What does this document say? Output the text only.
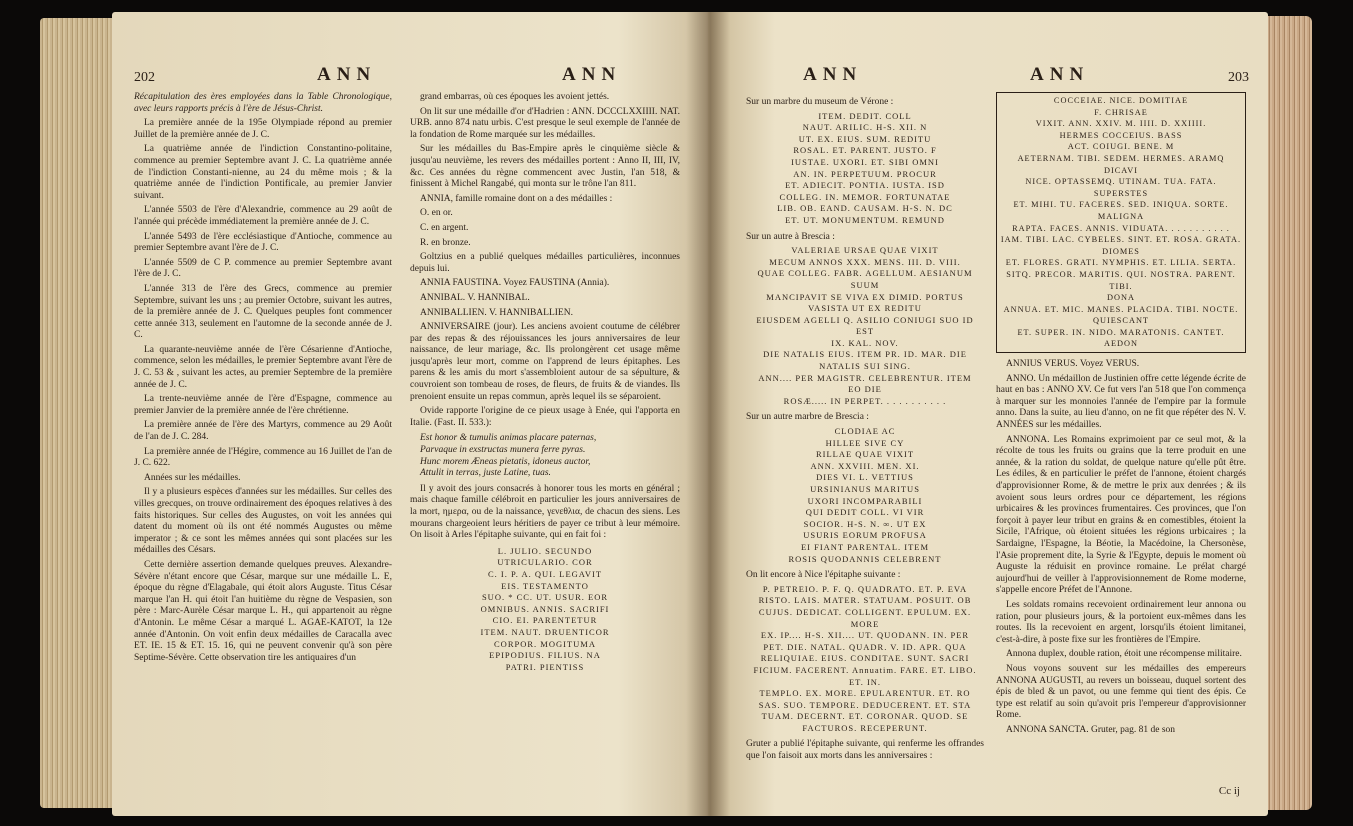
202	ANN	ANN

Récapitulation des ères employées dans la Table Chronologique, avec leurs rapports précis à l'ère de Jésus-Christ.

La première année de la 195e Olympiade répond au premier Juillet de la première année de J. C.

La quatrième année de l'indiction Constantino-politaine, commence au premier Septembre avant J. C. La quatrième année de l'indiction Constanti-nienne, au 24 du même mois ; & la quatrième année de l'indiction Pontificale, au premier Janvier suivant.

L'année 5503 de l'ère d'Alexandrie, commence au 29 août de l'année qui précède immédiatement la première année de J. C.

L'année 5493 de l'ère ecclésiastique d'Antioche, commence au premier Septembre avant l'ère de J. C.

L'année 5509 de C P. commence au premier Septembre avant l'ère de J. C.

L'année 313 de l'ère des Grecs, commence au premier Septembre, suivant les uns ; au premier Octobre, suivant les autres, de la première année de J. C. Quelques peuples font commencer cette année 313, seulement en l'automne de la seconde année de J. C.

La quarante-neuvième année de l'ère Césarienne d'Antioche, commence, selon les médailles, le premier Septembre avant l'ère de J. C. 53 & , suivant les actes, au premier Septembre de la première année de J. C.

La trente-neuvième année de l'ère d'Espagne, commence au premier Janvier de la première année de l'ère chrétienne.

La première année de l'ère des Martyrs, commence au 29 Août de l'an de J. C. 284.

La première année de l'Hégire, commence au 16 Juillet de l'an de J. C. 622.

Années sur les médailles.

Il y a plusieurs espèces d'années sur les médailles. Sur celles des villes grecques, on trouve ordinairement des époques relatives à des faits historiques. Sur celles des Augustes, on voit les années qui datent du moment où ils ont été nommés Augustes ou même imperator ; & ce sont les mêmes années qui sont placées sur les médailles des Césars.

Cette dernière assertion demande quelques preuves. Alexandre-Sévère n'étant encore que César, marque sur une médaille L. E, époque du règne d'Elagabale, qui étoit alors Auguste. Titus César marque l'an H. qui étoit l'an huitième du règne de Vespasien, son père : Marc-Aurèle César marque L. H., qui appartenoit au règne d'Antonin. Le même César a marqué L. AGAE-KATOT, la 12e année d'Antonin. On voit enfin deux médailles de Caracalla avec ET. IE. 15 & ET. 15. 16, qui ne peuvent convenir qu'à son père Septime-Sévère. Cette observation tire les antiquaires d'un

grand embarras, où ces époques les avoient jettés.

On lit sur une médaille d'or d'Hadrien : ANN. DCCCLXXIIII. NAT. URB. anno 874 natu urbis. C'est presque le seul exemple de l'année de la fondation de Rome marquée sur les médailles.

Sur les médailles du Bas-Empire après le cinquième siècle & jusqu'au neuvième, les revers des médailles portent : Anno II, III, IV, &c. Ces années du règne commencent avec Justin, l'an 518, & finissent à Michel Rangabé, qui monta sur le trône l'an 811.

ANNIA, famille romaine dont on a des médailles :

O. en or.

C. en argent.

R. en bronze.

Goltzius en a publié quelques médailles particulières, inconnues depuis lui.

ANNIA FAUSTINA. Voyez FAUSTINA (Annia).

ANNIBAL. V. HANNIBAL.

ANNIBALLIEN. V. HANNIBALLIEN.

ANNIVERSAIRE (jour). Les anciens avoient coutume de célébrer par des repas & des réjouissances les jours anniversaires de leur naissance, de leur mariage, &c. Ils prolongèrent cet usage même jusqu'après leur mort, comme on l'apprend de leurs épitaphes. Les parens & les amis du mort s'assembloient autour de sa sépulture, & couvroient son tombeau de roses, de fleurs, de fruits & de viandes. Ils prenoient ensuite un repas commun, après lequel ils se séparoient.

Ovide rapporte l'origine de ce pieux usage à Enée, qui l'apporta en Italie. (Fast. II. 533.):

Est honor & tumulis animas placare paternas,

Parvaque in exstructas munera ferre pyras.

Hunc morem Æneas pietatis, idoneus auctor,

Attulit in terras, juste Latine, tuas.

Il y avoit des jours consacrés à honorer tous les morts en général ; mais chaque famille célébroit en particulier les jours anniversaires de la mort, ημερα, ou de la naissance, γενεθλια, de chacun des siens. Les mourans chargeoient leurs héritiers de payer ce tribut à leur mémoire. On lisoit à Arles l'épitaphe suivante, qui en fait foi :

L. JULIO. SECUNDO

UTRICULARIO. COR

C. I. P. A. QUI. LEGAVIT

EIS. TESTAMENTO

SUO. * CC. UT. USUR. EOR

OMNIBUS. ANNIS. SACRIFI

CIO. EI. PARENTETUR

ITEM. NAUT. DRUENTICOR

CORPOR. MOGITUMA

EPIPODIUS. FILIUS. NA

PATRI. PIENTISS

ANN	ANN	203

Sur un marbre du museum de Vérone :

ITEM. DEDIT. COLL

NAUT. ARILIC. H-S. XII. N

UT. EX. EIUS. SUM. REDITU

ROSAL. ET. PARENT. JUSTO. F

IUSTAE. UXORI. ET. SIBI OMNI

AN. IN. PERPETUUM. PROCUR

ET. ADIECIT. PONTIA. IUSTA. ISD

COLLEG. IN. MEMOR. FORTUNATAE

LIB. OB. EAND. CAUSAM. H-S. N. DC

ET. UT. MONUMENTUM. REMUND

Sur un autre à Brescia :

VALERIAE URSAE QUAE VIXIT

MECUM ANNOS XXX. MENS. III. D. VIII.

QUAE COLLEG. FABR. AGELLUM. AESIANUM

SUUM

MANCIPAVIT SE VIVA EX DIMID. PORTUS

VASISTA UT EX REDITU

EIUSDEM AGELLI Q. ASILIO CONIUGI SUO ID EST

IX. KAL. NOV.

DIE NATALIS EIUS. ITEM PR. ID. MAR. DIE

NATALIS SUI SING.

ANN.... PER MAGISTR. CELEBRENTUR. ITEM

EO DIE

ROSÆ..... IN PERPET. . . . . . . . . . .

Sur un autre marbre de Brescia :

CLODIAE AC

HILLEE SIVE CY

RILLAE QUAE VIXIT

ANN. XXVIII. MEN. XI.

DIES VI. L. VETTIUS

URSINIANUS MARITUS

UXORI INCOMPARABILI

QUI DEDIT COLL. VI VIR

SOCIOR. H-S. N. ∞. UT EX

USURIS EORUM PROFUSA

EI FIANT PARENTAL. ITEM

ROSIS QUODANNIS CELEBRENT

On lit encore à Nice l'épitaphe suivante :

P. PETREIO. P. F. Q. QUADRATO. ET. P. EVA

RISTO. LAIS. MATER. STATUAM. POSUIT. OB

CUJUS. DEDICAT. COLLIGENT. EPULUM. EX. MORE

EX. IP.... H-S. XII.... UT. QUODANN. IN. PER

PET. DIE. NATAL. QUADR. V. ID. APR. QUA

RELIQUIAE. EIUS. CONDITAE. SUNT. SACRI

FICIUM. FACERENT. Annuatim. FARE. ET. LIBO.

ET. IN.

TEMPLO. EX. MORE. EPULARENTUR. ET. RO

SAS. SUO. TEMPORE. DEDUCERENT. ET. STA

TUAM. DECERNT. ET. CORONAR. QUOD. SE

FACTUROS. RECEPERUNT.

Gruter a publié l'épitaphe suivante, qui renferme les offrandes que l'on faisoit aux morts dans les anniversaires :

COCCEIAE. NICE. DOMITIAE

F. CHRISAE

VIXIT. ANN. XXIV. M. IIII. D. XXIIII.

HERMES COCCEIUS. BASS

ACT. COIUGI. BENE. M

AETERNAM. TIBI. SEDEM. HERMES. ARAMQ

DICAVI

NICE. OPTASSEMQ. UTINAM. TUA. FATA. SUPERSTES

ET. MIHI. TU. FACERES. SED. INIQUA. SORTE. MALIGNA

RAPTA. FACES. ANNIS. VIDUATA. . . . . . . . . . .

IAM. TIBI. LAC. CYBELES. SINT. ET. ROSA. GRATA.

DIOMES

ET. FLORES. GRATI. NYMPHIS. ET. LILIA. SERTA.

SITQ. PRECOR. MARITIS. QUI. NOSTRA. PARENT. TIBI.

DONA

ANNUA. ET. MIC. MANES. PLACIDA. TIBI. NOCTE.

QUIESCANT

ET. SUPER. IN. NIDO. MARATONIS. CANTET. AEDON

ANNIUS VERUS. Voyez VERUS.

ANNO. Un médaillon de Justinien offre cette légende écrite de haut en bas : ANNO XV. Ce fut vers l'an 518 que l'on commença à marquer sur les monnoies l'année de l'empire par la formule anno. Dans la suite, au lieu d'anno, on ne fit que répéter des N. V. ANNÉES sur les médailles.

ANNONA. Les Romains exprimoient par ce seul mot, & la récolte de tous les fruits ou grains que la terre produit en une année, & la ration du soldat, de quelque nature qu'elle pût être. Les édiles, & en particulier le préfet de l'annone, étoient chargés d'approvisionner Rome, & de mettre le prix aux denrées ; & ils avoient sous leurs ordres pour ce département, les régions urbicaires & les provinces frumentaires. Ces provinces, que l'on forçoit à payer leur tribut en grains & en comestibles, étoient la Sicile, l'Afrique, où étoient situées les régions urbicaires ; la Sardaigne, l'Espagne, la Béotie, la Macédoine, la Chersonèse, l'Asie proprement dite, la Syrie & l'Egypte, depuis le moment où Auguste la réduisit en province romaine. Le prélat chargé aujourd'hui de veiller à l'approvisionnement de Rome moderne, s'appelle encore Préfet de l'Annone.

Les soldats romains recevoient ordinairement leur annona ou ration, pour plusieurs jours, & la portoient eux-mêmes dans les routes. Ils la recevoient en argent, lorsqu'ils étoient limitanei, c'est-à-dire, à poste fixe sur les frontières de l'Empire.

Annona duplex, double ration, étoit une récompense militaire.

Nous voyons souvent sur les médailles des empereurs ANNONA AUGUSTI, au revers un boisseau, duquel sortent des épis de bled & un pavot, ou une femme qui tient des épis. Ce type est relatif au soin qu'avoit pris l'empereur d'approvisionner Rome.

ANNONA SANCTA. Gruter, pag. 81 de son

Cc ij
